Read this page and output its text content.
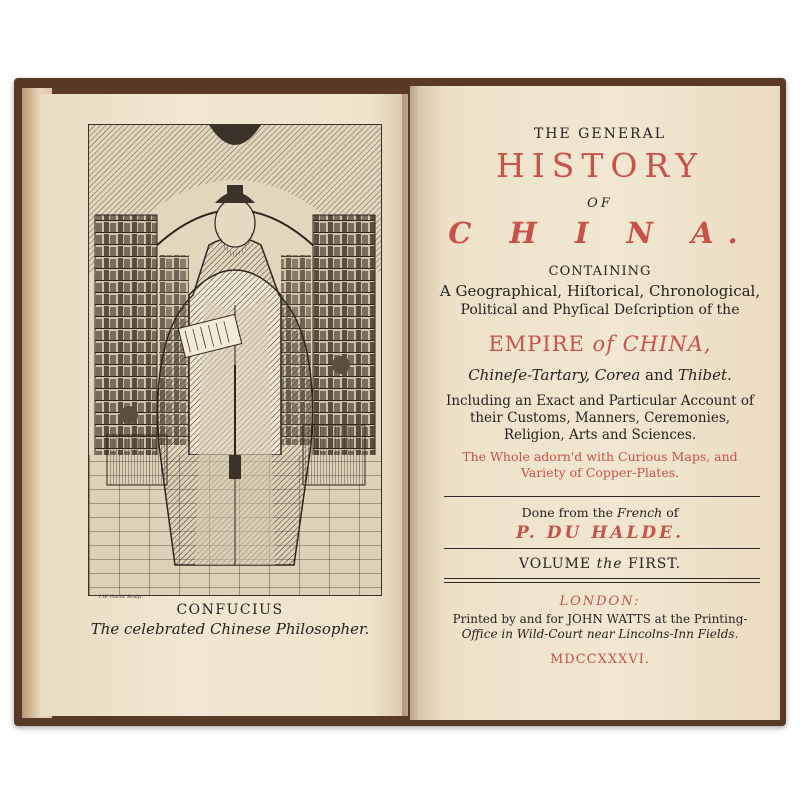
I.W. Gucht Sculp.
CONFUCIUS
The celebrated Chinese Philosopher.
THE GENERAL
HISTORY
OF
C H I N A.
CONTAINING
A Geographical, Hiſtorical, Chronological,
Political and Phyſical Deſcription of the
EMPIRE of CHINA,
Chineſe-Tartary, Corea and Thibet.
Including an Exact and Particular Account of
their Customs, Manners, Ceremonies,
Religion, Arts and Sciences.
The Whole adorn'd with Curious Maps, and
Variety of Copper-Plates.
Done from the French of
P. DU HALDE.
VOLUME the FIRST.
LONDON:
Printed by and for JOHN WATTS at the Printing-
Office in Wild-Court near Lincolns-Inn Fields.
MDCCXXXVI.
